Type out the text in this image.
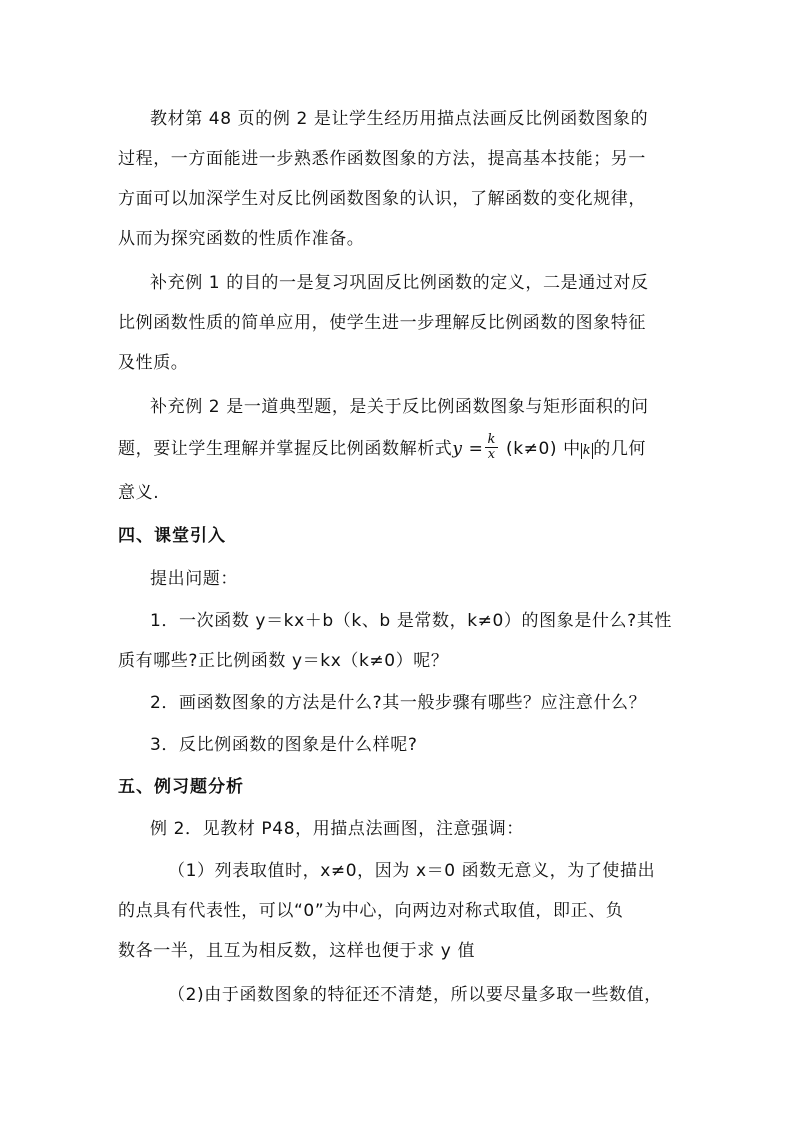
教材第 48 页的例 2 是让学生经历用描点法画反比例函数图象的
过程，一方面能进一步熟悉作函数图象的方法，提高基本技能；另一
方面可以加深学生对反比例函数图象的认识，了解函数的变化规律，
从而为探究函数的性质作准备。
补充例 1 的目的一是复习巩固反比例函数的定义，二是通过对反
比例函数性质的简单应用，使学生进一步理解反比例函数的图象特征
及性质。
补充例 2 是一道典型题，是关于反比例函数图象与矩形面积的问
题，要让学生理解并掌握反比例函数解析式$y = \frac{k}{x} (k\ne 0)$ 中 k 的几何
意义.
四、课堂引入
提出问题：
1．一次函数 y＝kx＋b（k、b 是常数，k≠0）的图象是什么?其性
质有哪些?正比例函数 y＝kx（k≠0）呢？
2．画函数图象的方法是什么?其一般步骤有哪些？应注意什么？
3．反比例函数的图象是什么样呢?
五、例习题分析
例 2．见教材 P48，用描点法画图，注意强调：
（1）列表取值时，x≠0，因为 x＝0 函数无意义，为了使描出
的点具有代表性，可以“0”为中心，向两边对称式取值，即正、负
数各一半，且互为相反数，这样也便于求 y 值
（2)由于函数图象的特征还不清楚，所以要尽量多取一些数值，
